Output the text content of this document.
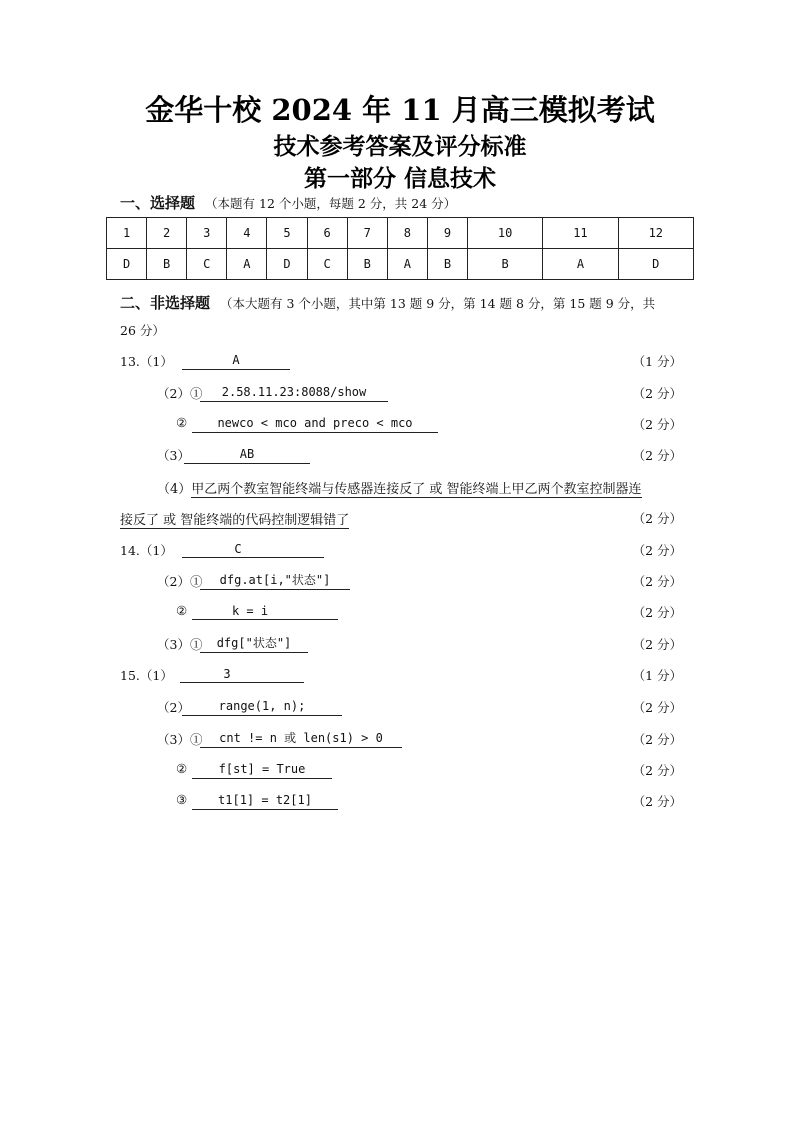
金华十校 2024 年 11 月高三模拟考试
技术参考答案及评分标准
第一部分 信息技术
一、选择题 （本题有 12 个小题，每题 2 分，共 24 分）
1	2	3	4	5	6	7	8	9	10	11	12
D	B	C	A	D	C	B	A	B	B	A	D
二、非选择题 （本大题有 3 个小题，其中第 13 题 9 分，第 14 题 8 分，第 15 题 9 分，共
26 分）
13.（1）	A	（1 分）
（2）①	2.58.11.23:8088/show	（2 分）
②	newco < mco and preco < mco	（2 分）
（3）	AB	（2 分）
（4）甲乙两个教室智能终端与传感器连接反了 或 智能终端上甲乙两个教室控制器连
接反了 或 智能终端的代码控制逻辑错了	（2 分）
14.（1）	C	（2 分）
（2）①	dfg.at[i,"状态"]	（2 分）
②	k = i	（2 分）
（3）①	dfg["状态"]	（2 分）
15.（1）	3	（1 分）
（2）	range(1, n);	（2 分）
（3）①	cnt != n 或 len(s1) > 0	（2 分）
②	f[st] = True	（2 分）
③	t1[1] = t2[1]	（2 分）
